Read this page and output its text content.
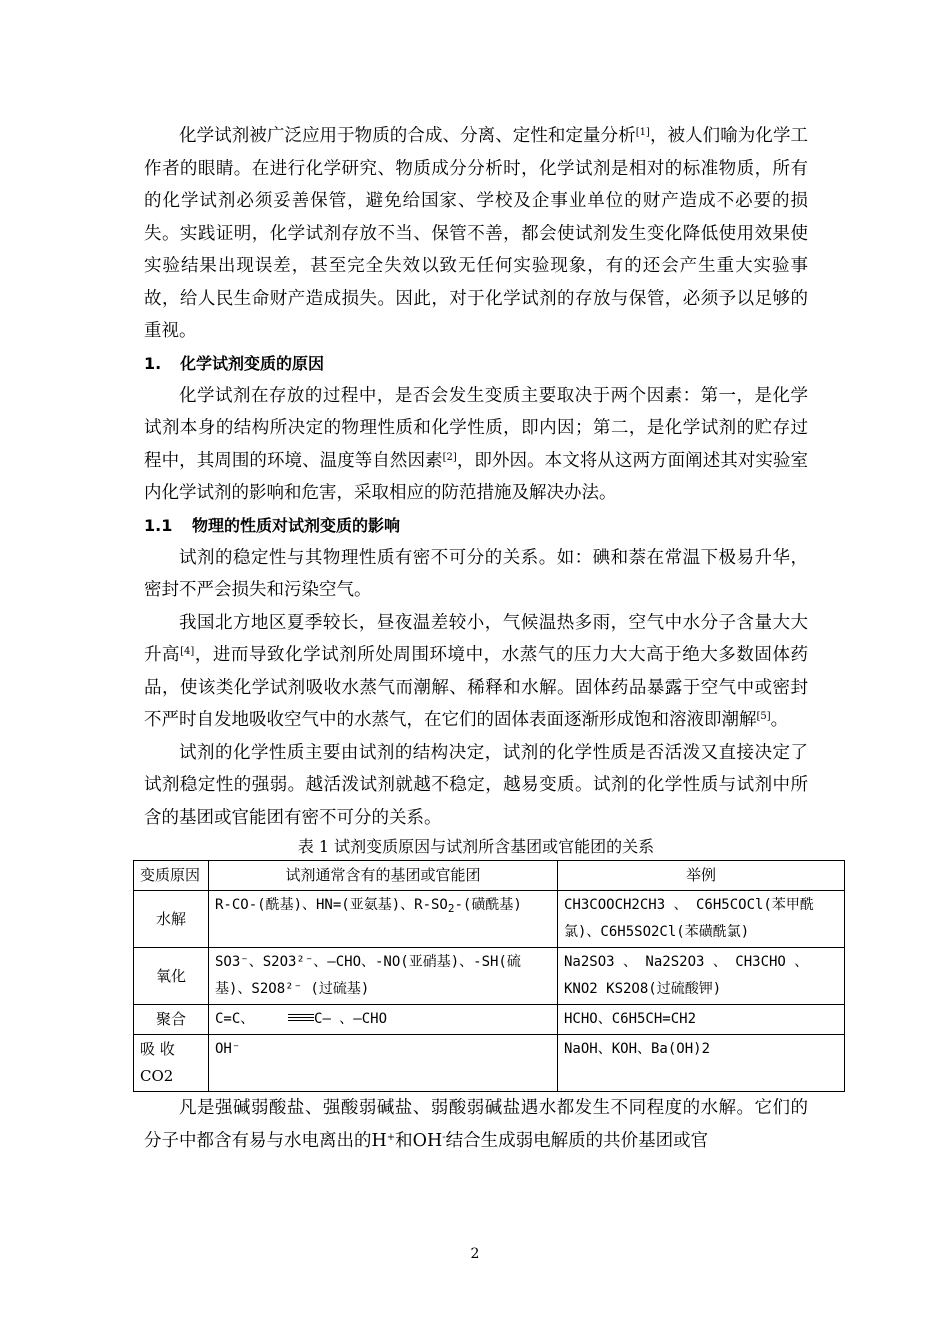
化学试剂被广泛应用于物质的合成、分离、定性和定量分析[1]，被人们喻为化学工作者的眼睛。在进行化学研究、物质成分分析时，化学试剂是相对的标准物质，所有的化学试剂必须妥善保管，避免给国家、学校及企事业单位的财产造成不必要的损失。实践证明，化学试剂存放不当、保管不善，都会使试剂发生变化降低使用效果使实验结果出现误差，甚至完全失效以致无任何实验现象，有的还会产生重大实验事故，给人民生命财产造成损失。因此，对于化学试剂的存放与保管，必须予以足够的重视。

1. 化学试剂变质的原因

化学试剂在存放的过程中，是否会发生变质主要取决于两个因素：第一，是化学试剂本身的结构所决定的物理性质和化学性质，即内因；第二，是化学试剂的贮存过程中，其周围的环境、温度等自然因素[2]，即外因。本文将从这两方面阐述其对实验室内化学试剂的影响和危害，采取相应的防范措施及解决办法。

1.1 物理的性质对试剂变质的影响

试剂的稳定性与其物理性质有密不可分的关系。如：碘和萘在常温下极易升华，密封不严会损失和污染空气。

我国北方地区夏季较长，昼夜温差较小，气候温热多雨，空气中水分子含量大大升高[4]，进而导致化学试剂所处周围环境中，水蒸气的压力大大高于绝大多数固体药品，使该类化学试剂吸收水蒸气而潮解、稀释和水解。固体药品暴露于空气中或密封不严时自发地吸收空气中的水蒸气，在它们的固体表面逐渐形成饱和溶液即潮解[5]。

试剂的化学性质主要由试剂的结构决定，试剂的化学性质是否活泼又直接决定了试剂稳定性的强弱。越活泼试剂就越不稳定，越易变质。试剂的化学性质与试剂中所含的基团或官能团有密不可分的关系。

表 1 试剂变质原因与试剂所含基团或官能团的关系
变质原因	试剂通常含有的基团或官能团	举例
水解	R-CO-(酰基)、HN=(亚氨基)、$R-SO_2-$(磺酰基)	CH3COOCH2CH3 、 C6H5COCl(苯甲酰氯)、C6H5SO2Cl(苯磺酰氯)
氧化	SO3⁻、S2O3²⁻、—CHO、-NO(亚硝基)、-SH(硫基)、S2O8²⁻ (过硫基)	Na2SO3 、 Na2S2O3 、 CH3CHO 、 KNO2 KS2O8(过硫酸钾)
聚合	C=C、 C— 、—CHO	HCHO、C6H5CH=CH2
吸 收 CO2	OH⁻	NaOH、KOH、Ba(OH)2

凡是强碱弱酸盐、强酸弱碱盐、弱酸弱碱盐遇水都发生不同程度的水解。它们的分子中都含有易与水电离出的H+和OH-结合生成弱电解质的共价基团或官

2
